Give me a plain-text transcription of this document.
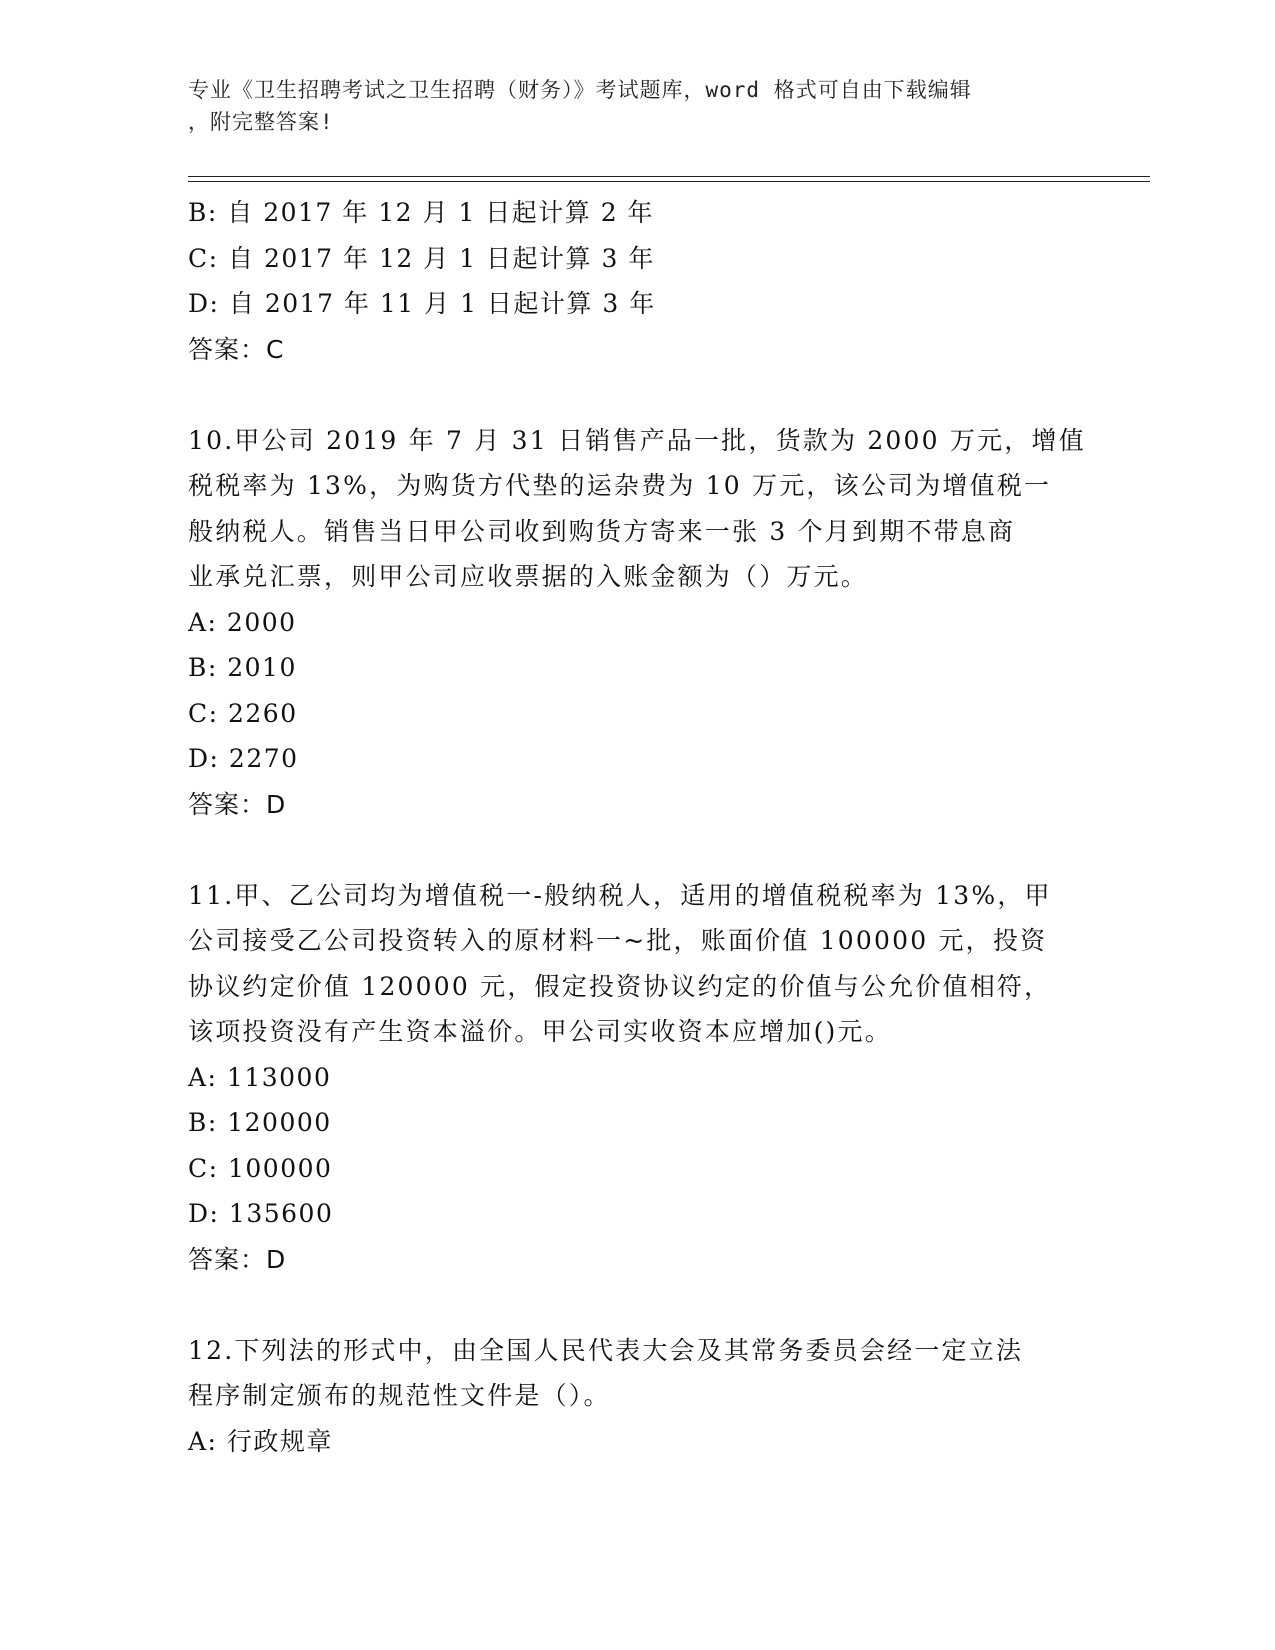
专业《卫生招聘考试之卫生招聘（财务）》考试题库，word 格式可自由下载编辑
，附完整答案!
B: 自 2017 年 12 月 1 日起计算 2 年
C: 自 2017 年 12 月 1 日起计算 3 年
D: 自 2017 年 11 月 1 日起计算 3 年
答案：C
10.甲公司 2019 年 7 月 31 日销售产品一批，货款为 2000 万元，增值
税税率为 13%，为购货方代垫的运杂费为 10 万元，该公司为增值税一
般纳税人。销售当日甲公司收到购货方寄来一张 3 个月到期不带息商
业承兑汇票，则甲公司应收票据的入账金额为（）万元。
A: 2000
B: 2010
C: 2260
D: 2270
答案：D
11.甲、乙公司均为增值税一-般纳税人，适用的增值税税率为 13%，甲
公司接受乙公司投资转入的原材料一~批，账面价值 100000 元，投资
协议约定价值 120000 元，假定投资协议约定的价值与公允价值相符，
该项投资没有产生资本溢价。甲公司实收资本应增加()元。
A: 113000
B: 120000
C: 100000
D: 135600
答案：D
12.下列法的形式中，由全国人民代表大会及其常务委员会经一定立法
程序制定颁布的规范性文件是（）。
A: 行政规章
